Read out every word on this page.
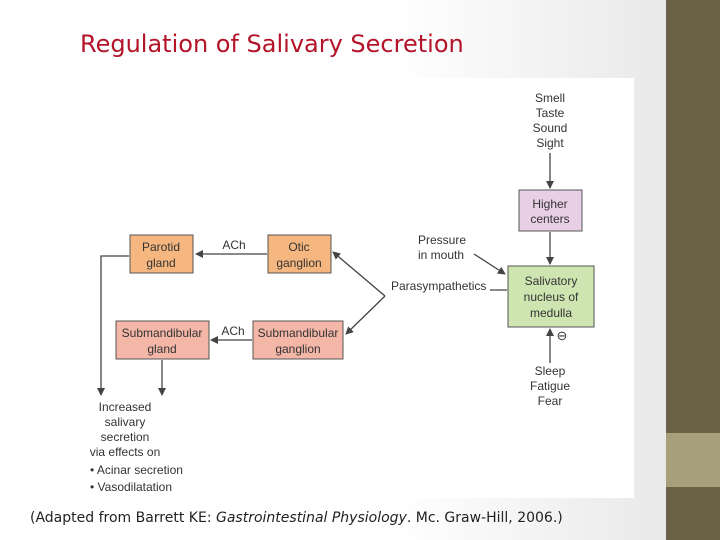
Regulation of Salivary Secretion
Smell
Taste
Sound
Sight
Higher
centers
Salivatory
nucleus of
medulla
⊖
Sleep
Fatigue
Fear
Pressure
in mouth
Parasympathetics
Otic
ganglion
ACh
Parotid
gland
Submandibular
ganglion
ACh
Submandibular
gland
Increased
salivary
secretion
via effects on
• Acinar secretion
• Vasodilatation
(Adapted from Barrett KE: Gastrointestinal Physiology. Mc. Graw-Hill, 2006.)
